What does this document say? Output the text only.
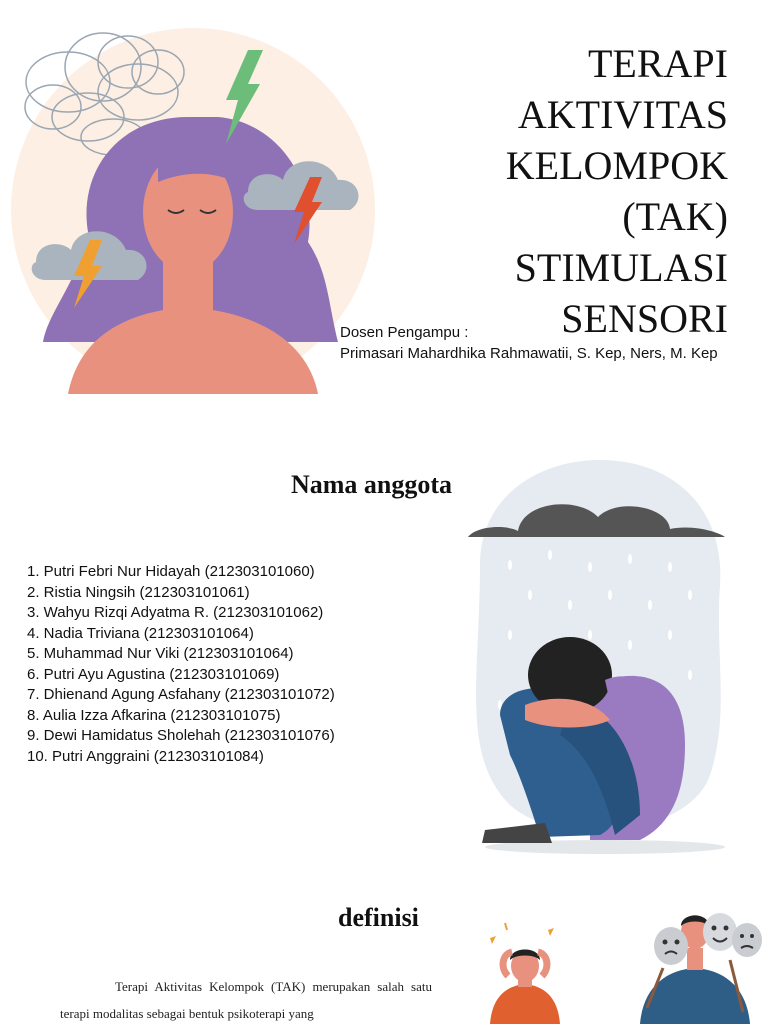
TERAPI
AKTIVITAS
KELOMPOK
(TAK)
STIMULASI
SENSORI
Dosen Pengampu :
Primasari Mahardhika Rahmawatii, S. Kep, Ners, M. Kep
Nama anggota
1. Putri Febri Nur Hidayah (212303101060)
2. Ristia Ningsih (212303101061)
3. Wahyu Rizqi Adyatma R. (212303101062)
4. Nadia Triviana (212303101064)
5. Muhammad Nur Viki (212303101064)
6. Putri Ayu Agustina (212303101069)
7. Dhienand Agung Asfahany (212303101072)
8. Aulia Izza Afkarina (212303101075)
9. Dewi Hamidatus Sholehah (212303101076)
10. Putri Anggraini (212303101084)
definisi

Terapi Aktivitas Kelompok (TAK) merupakan salah satu terapi modalitas sebagai bentuk psikoterapi yang
